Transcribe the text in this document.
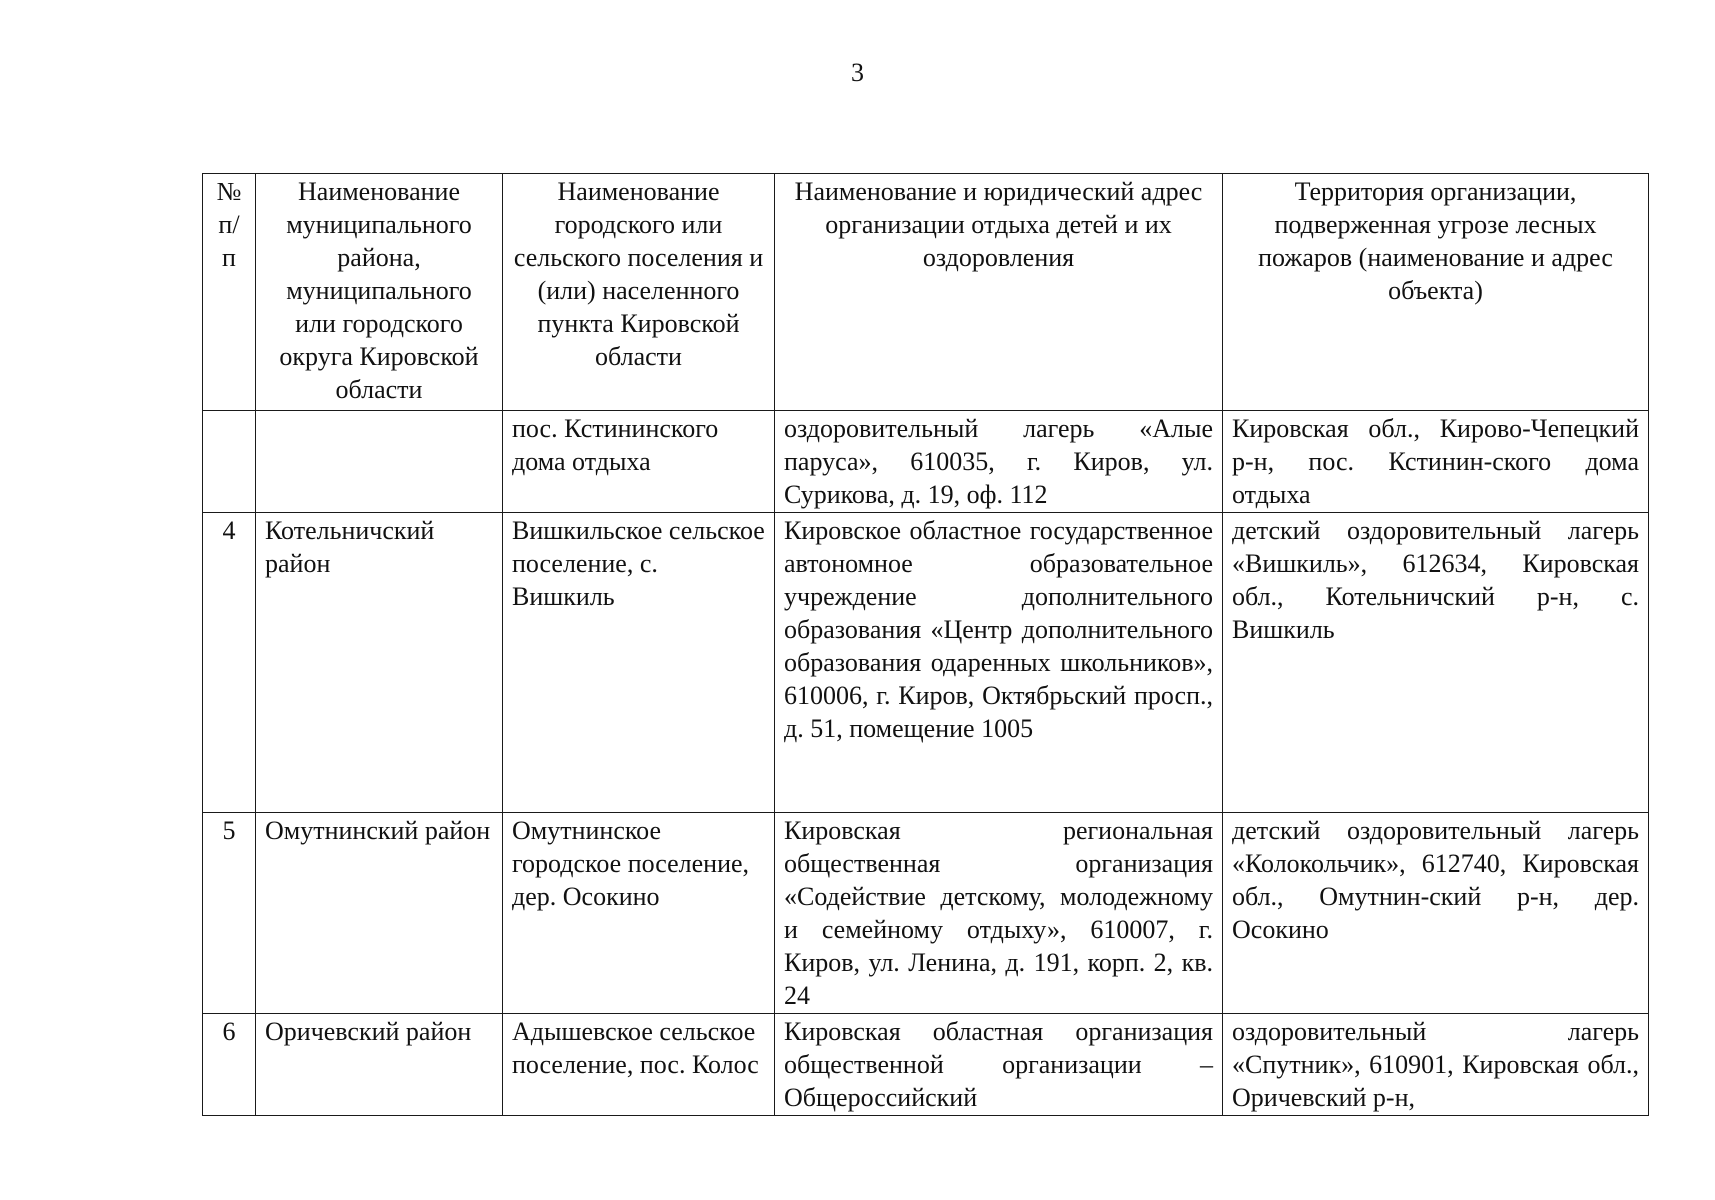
3
№ п/п	Наименование муниципального района, муниципального или городского округа Кировской области	Наименование городского или сельского поселения и (или) населенного пункта Кировской области	Наименование и юридический адрес организации отдыха детей и их оздоровления	Территория организации, подверженная угрозе лесных пожаров (наименование и адрес объекта)
		пос. Кстининского дома отдыха	оздоровительный лагерь «Алые паруса», 610035, г. Киров, ул. Сурикова, д. 19, оф. 112	Кировская обл., Кирово-Чепецкий р-н, пос. Кстинин-ского дома отдыха
4	Котельничский район	Вишкильское сельское поселение, с. Вишкиль	Кировское областное государственное автономное образовательное учреждение дополнительного образования «Центр дополнительного образования одаренных школьников», 610006, г. Киров, Октябрьский просп., д. 51, помещение 1005	детский оздоровительный лагерь «Вишкиль», 612634, Кировская обл., Котельничский р-н, с. Вишкиль
5	Омутнинский район	Омутнинское городское поселение, дер. Осокино	Кировская региональная общественная организация «Содействие детскому, молодежному и семейному отдыху», 610007, г. Киров, ул. Ленина, д. 191, корп. 2, кв. 24	детский оздоровительный лагерь «Колокольчик», 612740, Кировская обл., Омутнин-ский р-н, дер. Осокино
6	Оричевский район	Адышевское сельское поселение, пос. Колос	Кировская областная организация общественной организации – Общероссийский	оздоровительный лагерь «Спутник», 610901, Кировская обл., Оричевский р-н,
